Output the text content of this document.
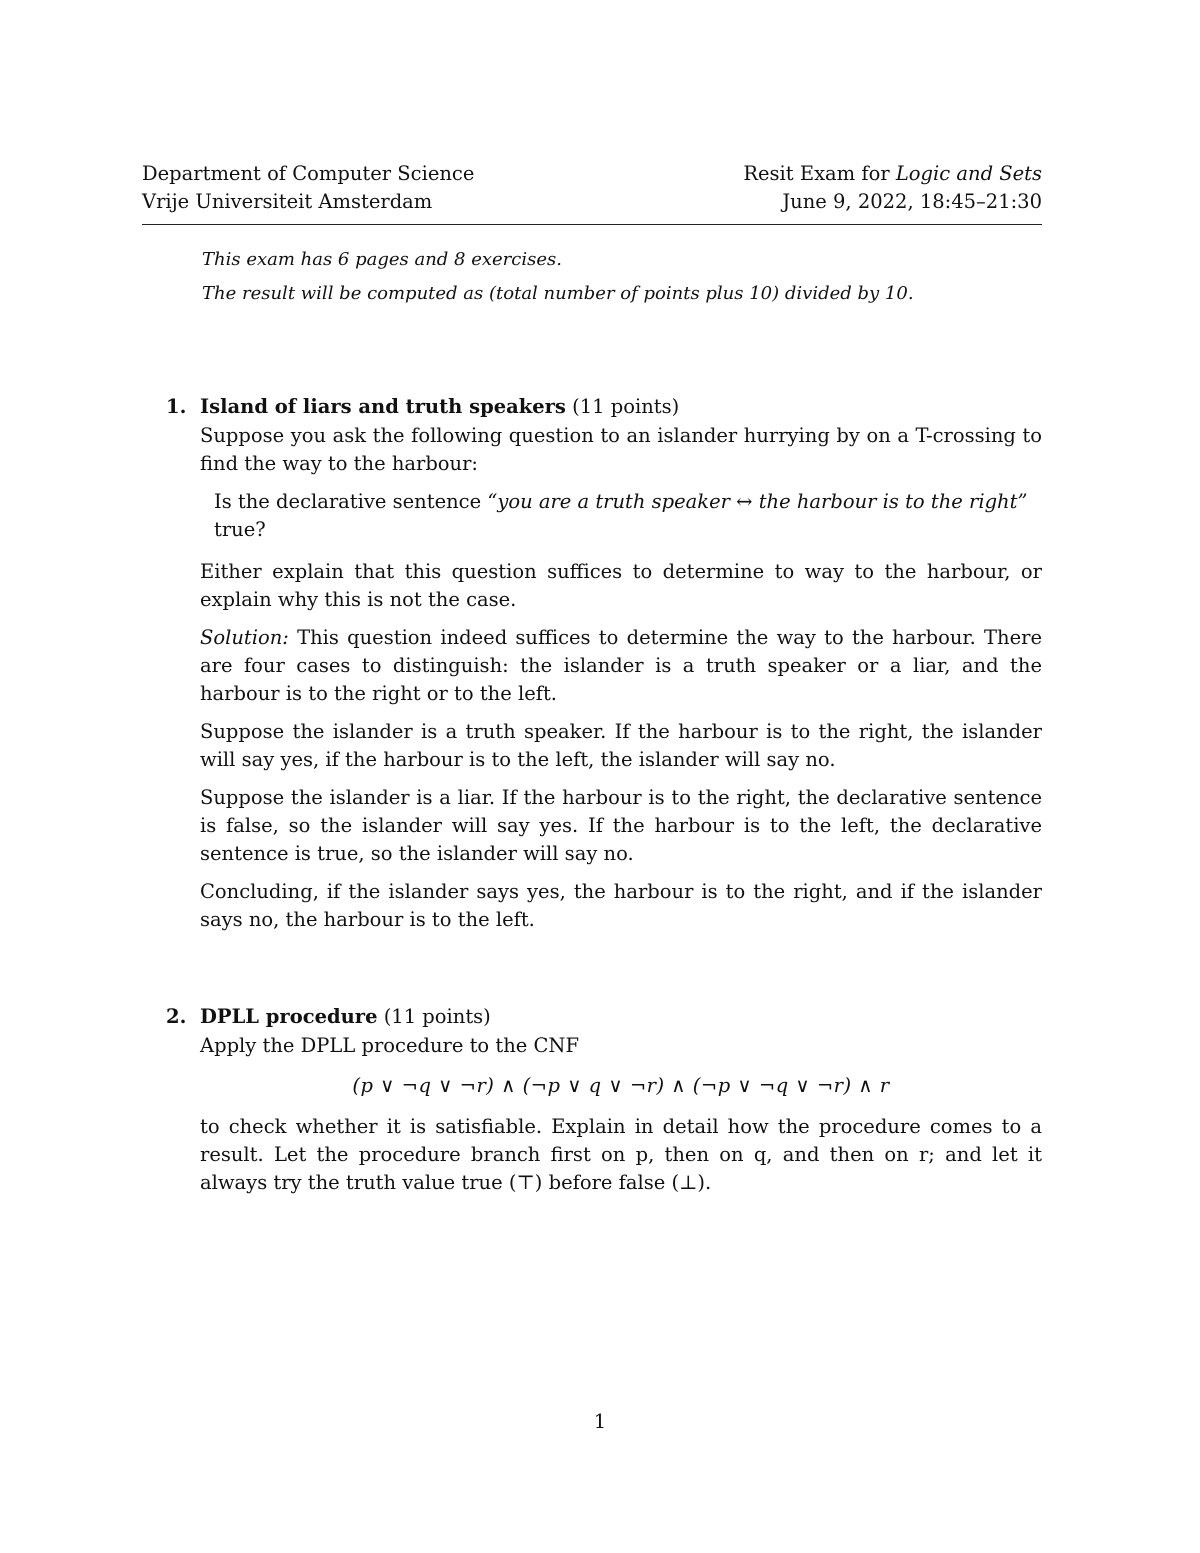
Department of Computer Science	Resit Exam for Logic and Sets
Vrije Universiteit Amsterdam	June 9, 2022, 18:45–21:30

This exam has 6 pages and 8 exercises.

The result will be computed as (total number of points plus 10) divided by 10.

1. Island of liars and truth speakers (11 points)

Suppose you ask the following question to an islander hurrying by on a T-crossing to find the way to the harbour:

Is the declarative sentence “you are a truth speaker ↔ the harbour is to the right”
true?

Either explain that this question suffices to determine to way to the harbour, or explain why this is not the case.

Solution: This question indeed suffices to determine the way to the harbour. There are four cases to distinguish: the islander is a truth speaker or a liar, and the harbour is to the right or to the left.

Suppose the islander is a truth speaker. If the harbour is to the right, the islander will say yes, if the harbour is to the left, the islander will say no.

Suppose the islander is a liar. If the harbour is to the right, the declarative sentence is false, so the islander will say yes. If the harbour is to the left, the declarative sentence is true, so the islander will say no.

Concluding, if the islander says yes, the harbour is to the right, and if the islander says no, the harbour is to the left.

2. DPLL procedure (11 points)

Apply the DPLL procedure to the CNF

(p ∨ ¬q ∨ ¬r) ∧ (¬p ∨ q ∨ ¬r) ∧ (¬p ∨ ¬q ∨ ¬r) ∧ r

to check whether it is satisfiable. Explain in detail how the procedure comes to a result. Let the procedure branch first on p, then on q, and then on r; and let it always try the truth value true (⊤) before false (⊥).

1
